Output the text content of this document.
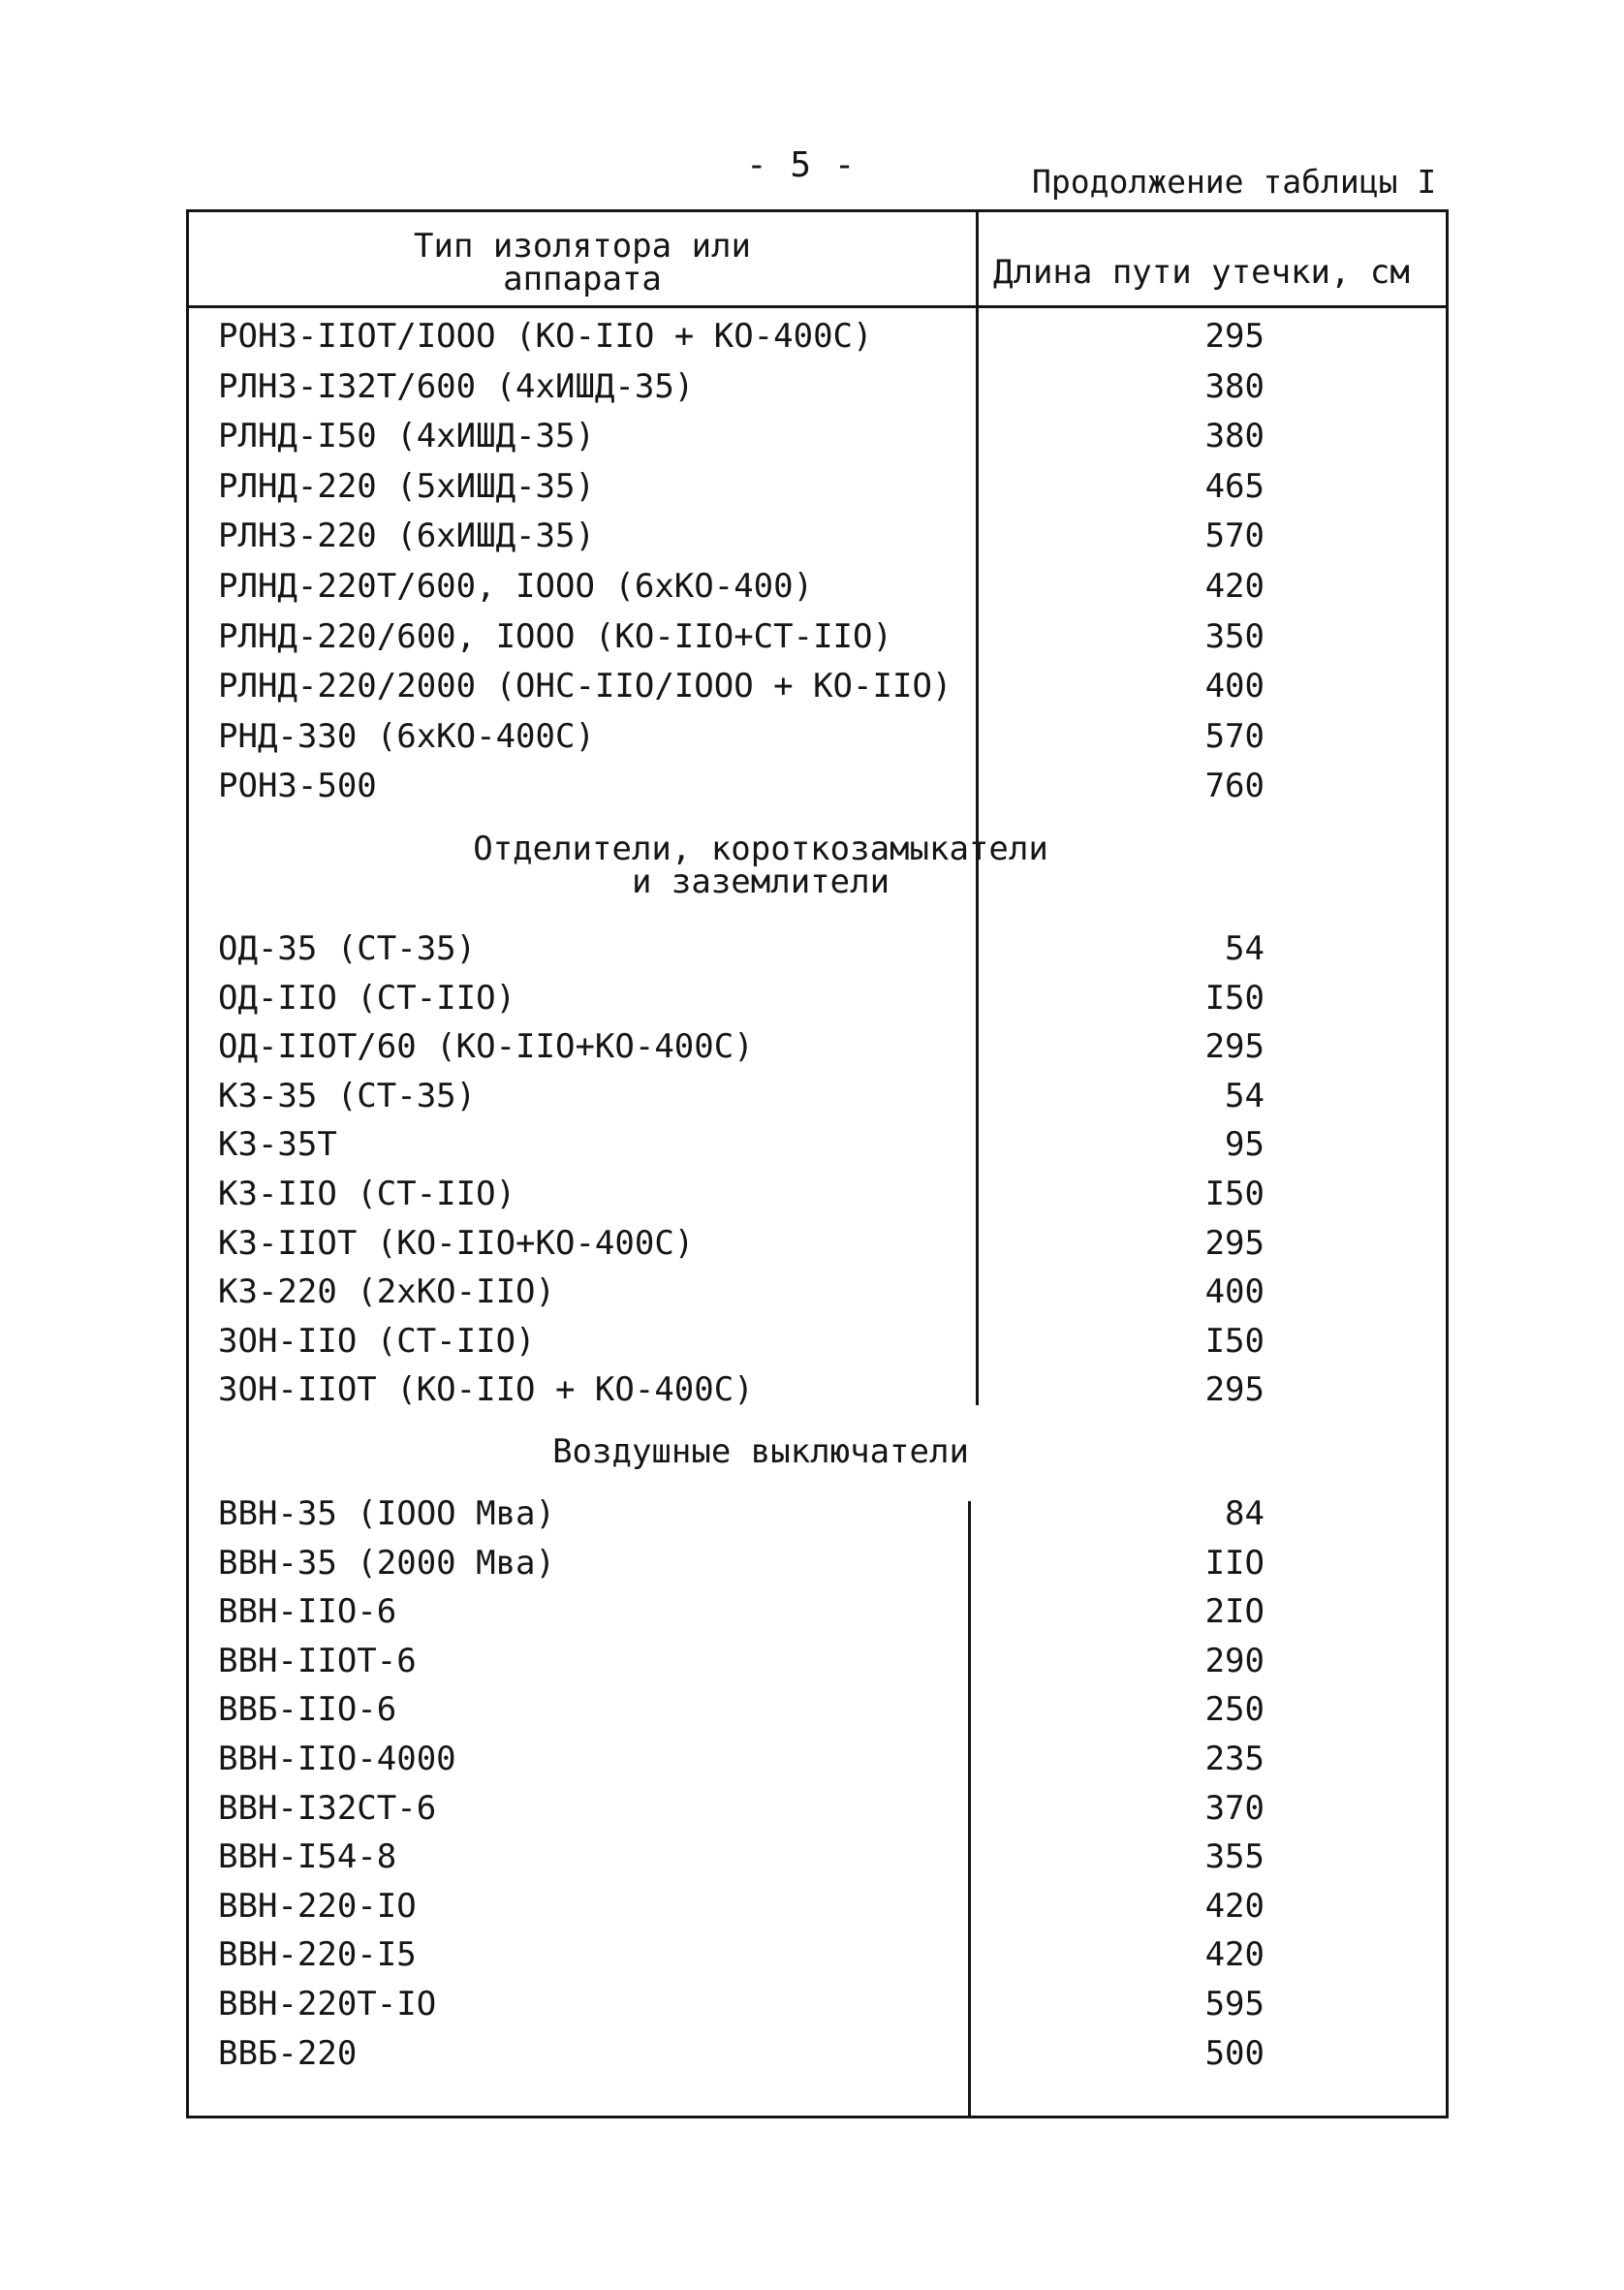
- 5 -	Продолжение таблицы I
Тип изолятора или
аппарата	Длина пути утечки, см
РОНЗ-IIОТ/IООО (КО-IIО + КО-400С)	295
РЛНЗ-I32Т/600 (4хИШД-35)	380
РЛНД-I50 (4хИШД-35)	380
РЛНД-220 (5хИШД-35)	465
РЛНЗ-220 (6хИШД-35)	570
РЛНД-220Т/600, IООО (6хКО-400)	420
РЛНД-220/600, IООО (КО-IIО+СТ-IIО)	350
РЛНД-220/2000 (ОНС-IIО/IООО + КО-IIО)	400
РНД-330 (6хКО-400С)	570
РОНЗ-500	760
Отделители, короткозамыкатели
и заземлители
ОД-35 (СТ-35)	54
ОД-IIО (СТ-IIО)	I50
ОД-IIОТ/60 (КО-IIО+КО-400С)	295
КЗ-35 (СТ-35)	54
КЗ-35Т	95
КЗ-IIО (СТ-IIО)	I50
КЗ-IIОТ (КО-IIО+КО-400С)	295
КЗ-220 (2хКО-IIО)	400
ЗОН-IIО (СТ-IIО)	I50
ЗОН-IIОТ (КО-IIО + КО-400С)	295
Воздушные выключатели
ВВН-35 (IООО Мва)	84
ВВН-35 (2000 Мва)	IIО
ВВН-IIО-6	2IО
ВВН-IIОТ-6	290
ВВБ-IIО-6	250
ВВН-IIО-4000	235
ВВН-I32СТ-6	370
ВВН-I54-8	355
ВВН-220-IО	420
ВВН-220-I5	420
ВВН-220Т-IО	595
ВВБ-220	500
